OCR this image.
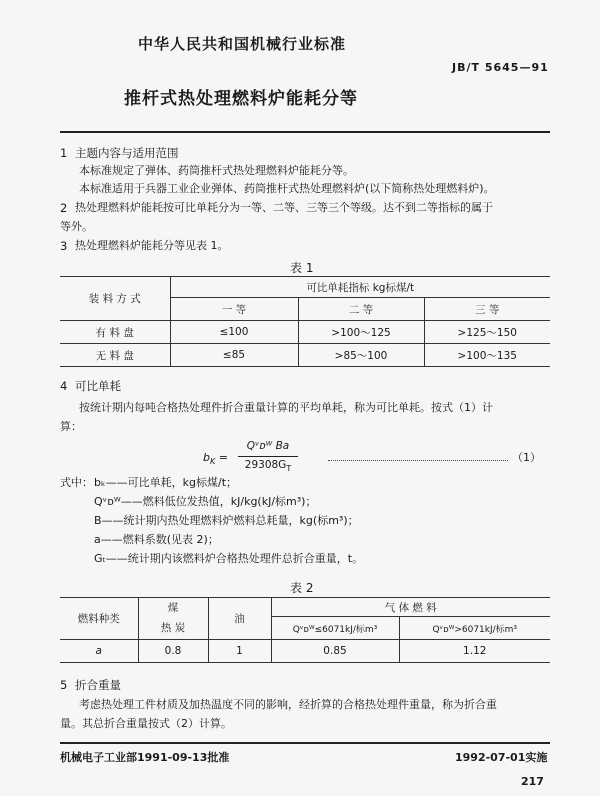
中华人民共和国机械行业标准
JB/T 5645—91
推杆式热处理燃料炉能耗分等
1 主题内容与适用范围
本标准规定了弹体、药筒推杆式热处理燃料炉能耗分等。
本标准适用于兵器工业企业弹体、药筒推杆式热处理燃料炉(以下简称热处理燃料炉)。
2 热处理燃料炉能耗按可比单耗分为一等、二等、三等三个等级。达不到二等指标的属于
等外。
3 热处理燃料炉能耗分等见表 1。
表 1
装 料 方 式	可比单耗指标 kg标煤/t		
	一 等	二 等	三 等
有 料 盘	≤100	>100～125	>125～150
无 料 盘	≤85	>85～100	>100～135
4 可比单耗
按统计期内每吨合格热处理件折合重量计算的平均单耗，称为可比单耗。按式（1）计
算：
$b_K$ =
Qᵛᴅᵂ Ba
$29308G_T$
（1）
式中： bₖ——可比单耗，kg标煤/t；
Qᵛᴅᵂ——燃料低位发热值，kJ/kg(kJ/标m³)；
B——统计期内热处理燃料炉燃料总耗量，kg(标m³)；
a——燃料系数(见表 2)；
Gₜ——统计期内该燃料炉合格热处理件总折合重量，t。
表 2
燃料种类	煤	油	气 体 燃 料	
	热 炭		Qᵛᴅᵂ≤6071kJ/标m³	Qᵛᴅᵂ>6071kJ/标m³
a	0.8	1	0.85	1.12
5 折合重量
考虑热处理工件材质及加热温度不同的影响，经折算的合格热处理件重量，称为折合重
量。其总折合重量按式（2）计算。
机械电子工业部1991-09-13批准	1992-07-01实施
217
